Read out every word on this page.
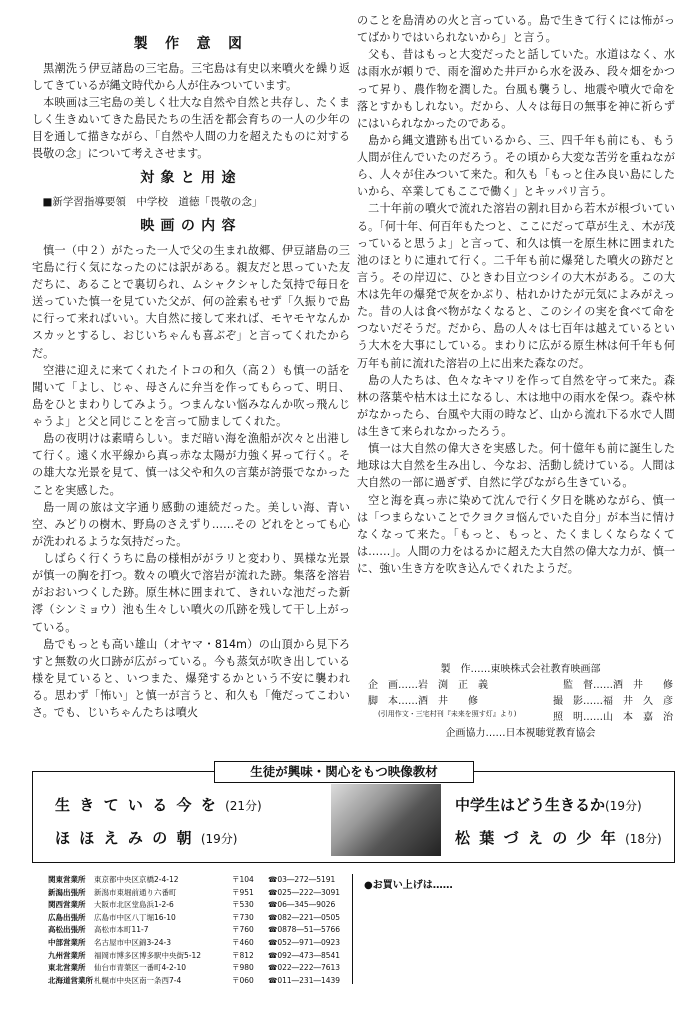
製 作 意 図

黒潮洗う伊豆諸島の三宅島。三宅島は有史以来噴火を繰り返してきているが縄文時代から人が住みついています。

本映画は三宅島の美しく壮大な自然や自然と共存し、たくましく生きぬいてきた島民たちの生活を都会育ちの一人の少年の目を通して描きながら、「自然や人間の力を超えたものに対する畏敬の念」について考えさせます。

対象と用途

■新学習指導要領　中学校　道徳「畏敬の念」

映画の内容

慎一（中２）がたった一人で父の生まれ故郷、伊豆諸島の三宅島に行く気になったのには訳がある。親友だと思っていた友だちに、あることで裏切られ、ムシャクシャした気持で毎日を送っていた慎一を見ていた父が、何の詮索もせず「久振りで島に行って来ればいい。大自然に接して来れば、モヤモヤなんかスカッとするし、おじいちゃんも喜ぶぞ」と言ってくれたからだ。

空港に迎えに来てくれたイトコの和久（高２）も慎一の話を聞いて「よし、じゃ、母さんに弁当を作ってもらって、明日、島をひとまわりしてみよう。つまんない悩みなんか吹っ飛んじゃうよ」と父と同じことを言って励ましてくれた。

島の夜明けは素晴らしい。まだ暗い海を漁船が次々と出港して行く。遠く水平線から真っ赤な太陽が力強く昇って行く。その雄大な光景を見て、慎一は父や和久の言葉が誇張でなかったことを実感した。

島一周の旅は文字通り感動の連続だった。美しい海、青い空、みどりの樹木、野鳥のさえずり……その どれをとっても心が洗われるような気持だった。

しばらく行くうちに島の様相ががラリと変わり、異様な光景が慎一の胸を打つ。数々の噴火で溶岩が流れた跡。集落を溶岩がおおいつくした跡。原生林に囲まれて、きれいな池だった新澪（シンミョウ）池も生々しい噴火の爪跡を残して干し上がっている。

島でもっとも高い雄山（オヤマ・814m）の山頂から見下ろすと無数の火口跡が広がっている。今も蒸気が吹き出している様を見ていると、いつまた、爆発するかという不安に襲われる。思わず「怖い」と慎一が言うと、和久も「俺だってこわいさ。でも、じいちゃんたちは噴火

のことを島清めの火と言っている。島で生きて行くには怖がってばかりではいられないから」と言う。

父も、昔はもっと大変だったと話していた。水道はなく、水は雨水が頼りで、雨を溜めた井戸から水を汲み、段々畑をかつって昇り、農作物を潤した。台風も襲うし、地震や噴火で命を落とすかもしれない。だから、人々は毎日の無事を神に祈らずにはいられなかったのである。

島から縄文遺跡も出ているから、三、四千年も前にも、もう人間が住んでいたのだろう。その頃から大変な苦労を重ねながら、人々が住みついて来た。和久も「もっと住み良い島にしたいから、卒業してもここで働く」とキッパリ言う。

二十年前の噴火で流れた溶岩の割れ目から若木が根づいている。「何十年、何百年もたつと、ここにだって草が生え、木が茂っていると思うよ」と言って、和久は慎一を原生林に囲まれた池のほとりに連れて行く。二千年も前に爆発した噴火の跡だと言う。その岸辺に、ひときわ目立つシイの大木がある。この大木は先年の爆発で灰をかぶり、枯れかけたが元気によみがえった。昔の人は食べ物がなくなると、このシイの実を食べて命をつないだそうだ。だから、島の人々は七百年は越えているという大木を大事にしている。まわりに広がる原生林は何千年も何万年も前に流れた溶岩の上に出来た森なのだ。

島の人たちは、色々なキマリを作って自然を守って来た。森林の落葉や枯木は土になるし、木は地中の雨水を保つ。森や林がなかったら、台風や大雨の時など、山から流れ下る水で人間は生きて来られなかったろう。

慎一は大自然の偉大さを実感した。何十億年も前に誕生した地球は大自然を生み出し、今なお、活動し続けている。人間は大自然の一部に過ぎず、自然に学びながら生きている。

空と海を真っ赤に染めて沈んで行く夕日を眺めながら、慎一は「つまらないことでクヨクヨ悩んでいた自分」が本当に情けなくなって来た。「もっと、もっと、たくましくならなくては……」。人間の力をはるかに超えた大自然の偉大な力が、慎一に、強い生き方を吹き込んでくれたようだ。

製　作……東映株式会社教育映画部
企　画……岩　渕　正　義	監　督……酒　井　　修
脚　本……酒　井　　修	撮　影……福　井　久　彦
(引用作文・三宅村刊『未来を照す灯』より)	照　明……山　本　嘉　治
企画協力……日本視聴覚教育協会
生徒が興味・関心をもつ映像教材
生きている今を(21分)
ほほえみの朝(19分)
中学生はどう生きるか(19分)
松葉づえの少年(18分)
関東営業所	東京都中央区京橋2-4-12	〒104	☎03―272―5191
新潟出張所	新潟市東堀前通り六番町	〒951	☎025―222―3091
関西営業所	大阪市北区堂島浜1-2-6	〒530	☎06―345―9026
広島出張所	広島市中区八丁堀16-10	〒730	☎082―221―0505
高松出張所	高松市本町11-7	〒760	☎0878―51―5766
中部営業所	名古屋市中区錦3-24-3	〒460	☎052―971―0923
九州営業所	福岡市博多区博多駅中央街5-12	〒812	☎092―473―8541
東北営業所	仙台市青葉区一番町4-2-10	〒980	☎022―222―7613
北海道営業所 札幌市中央区南一条西7-4	〒060	☎011―231―1439
●お買い上げは……
